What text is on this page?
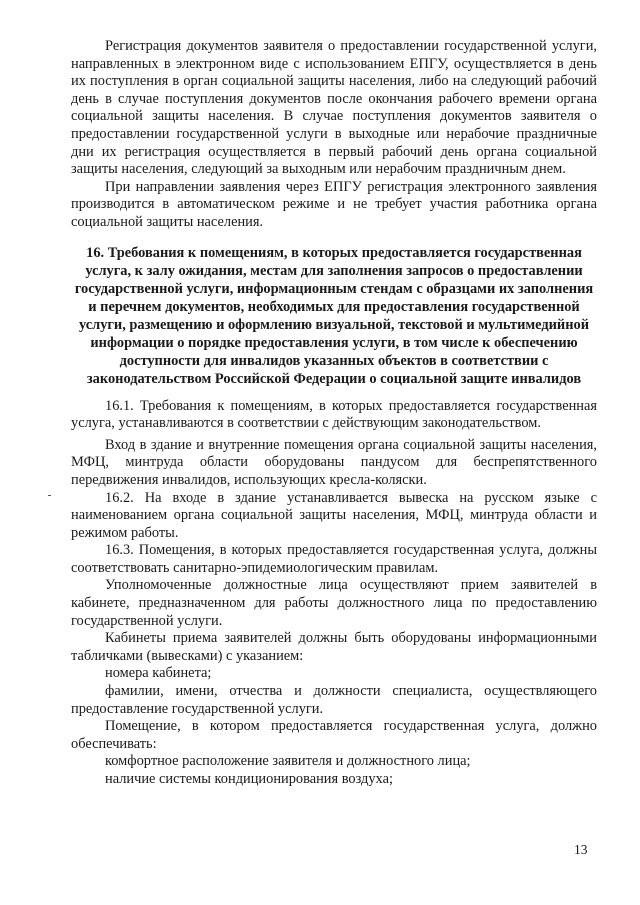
Регистрация документов заявителя о предоставлении государственной услуги, направленных в электронном виде с использованием ЕПГУ, осуществляется в день их поступления в орган социальной защиты населения, либо на следующий рабочий день в случае поступления документов после окончания рабочего времени органа социальной защиты населения. В случае поступления документов заявителя о предоставлении государственной услуги в выходные или нерабочие праздничные дни их регистрация осуществляется в первый рабочий день органа социальной защиты населения, следующий за выходным или нерабочим праздничным днем.

При направлении заявления через ЕПГУ регистрация электронного заявления производится в автоматическом режиме и не требует участия работника органа социальной защиты населения.

16. Требования к помещениям, в которых предоставляется государственная услуга, к залу ожидания, местам для заполнения запросов о предоставлении государственной услуги, информационным стендам с образцами их заполнения и перечнем документов, необходимых для предоставления государственной услуги, размещению и оформлению визуальной, текстовой и мультимедийной информации о порядке предоставления услуги, в том числе к обеспечению доступности для инвалидов указанных объектов в соответствии с законодательством Российской Федерации о социальной защите инвалидов

16.1. Требования к помещениям, в которых предоставляется государственная услуга, устанавливаются в соответствии с действующим законодательством.

Вход в здание и внутренние помещения органа социальной защиты населения, МФЦ, минтруда области оборудованы пандусом для беспрепятственного передвижения инвалидов, использующих кресла-коляски.

16.2. На входе в здание устанавливается вывеска на русском языке с наименованием органа социальной защиты населения, МФЦ, минтруда области и режимом работы.

16.3. Помещения, в которых предоставляется государственная услуга, должны соответствовать санитарно-эпидемиологическим правилам.

Уполномоченные должностные лица осуществляют прием заявителей в кабинете, предназначенном для работы должностного лица по предоставлению государственной услуги.

Кабинеты приема заявителей должны быть оборудованы информационными табличками (вывесками) с указанием:

номера кабинета;

фамилии, имени, отчества и должности специалиста, осуществляющего предоставление государственной услуги.

Помещение, в котором предоставляется государственная услуга, должно обеспечивать:

комфортное расположение заявителя и должностного лица;

наличие системы кондиционирования воздуха;

13
